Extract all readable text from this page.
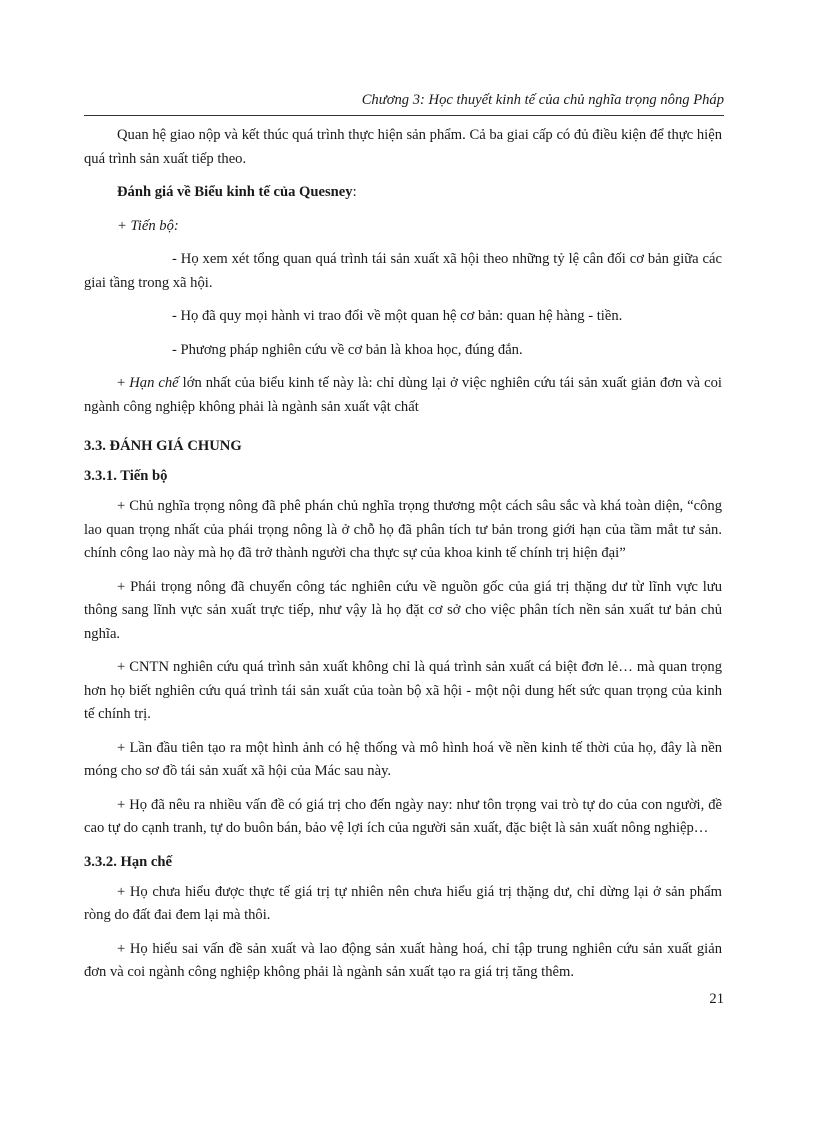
Chương 3: Học thuyết kinh tế của chủ nghĩa trọng nông Pháp

Quan hệ giao nộp và kết thúc quá trình thực hiện sản phẩm. Cả ba giai cấp có đủ điều kiện để thực hiện quá trình sản xuất tiếp theo.

Đánh giá về Biểu kinh tế của Quesney:

+ Tiến bộ:

- Họ xem xét tổng quan quá trình tái sản xuất xã hội theo những tỷ lệ cân đối cơ bản giữa các giai tầng trong xã hội.

- Họ đã quy mọi hành vi trao đổi về một quan hệ cơ bản: quan hệ hàng - tiền.

- Phương pháp nghiên cứu về cơ bản là khoa học, đúng đắn.

+ Hạn chế lớn nhất của biểu kinh tế này là: chỉ dùng lại ở việc nghiên cứu tái sản xuất giản đơn và coi ngành công nghiệp không phải là ngành sản xuất vật chất

3.3. ĐÁNH GIÁ CHUNG
3.3.1. Tiến bộ

+ Chủ nghĩa trọng nông đã phê phán chủ nghĩa trọng thương một cách sâu sắc và khá toàn diện, “công lao quan trọng nhất của phái trọng nông là ở chỗ họ đã phân tích tư bản trong giới hạn của tầm mắt tư sản. chính công lao này mà họ đã trở thành người cha thực sự của khoa kinh tế chính trị hiện đại”

+ Phái trọng nông đã chuyển công tác nghiên cứu về nguồn gốc của giá trị thặng dư từ lĩnh vực lưu thông sang lĩnh vực sản xuất trực tiếp, như vậy là họ đặt cơ sở cho việc phân tích nền sản xuất tư bản chủ nghĩa.

+ CNTN nghiên cứu quá trình sản xuất không chỉ là quá trình sản xuất cá biệt đơn lẻ… mà quan trọng hơn họ biết nghiên cứu quá trình tái sản xuất của toàn bộ xã hội - một nội dung hết sức quan trọng của kinh tế chính trị.

+ Lần đầu tiên tạo ra một hình ảnh có hệ thống và mô hình hoá về nền kinh tế thời của họ, đây là nền móng cho sơ đồ tái sản xuất xã hội của Mác sau này.

+ Họ đã nêu ra nhiều vấn đề có giá trị cho đến ngày nay: như tôn trọng vai trò tự do của con người, đề cao tự do cạnh tranh, tự do buôn bán, bảo vệ lợi ích của người sản xuất, đặc biệt là sản xuất nông nghiệp…

3.3.2. Hạn chế

+ Họ chưa hiểu được thực tế giá trị tự nhiên nên chưa hiểu giá trị thặng dư, chỉ dừng lại ở sản phẩm ròng do đất đai đem lại mà thôi.

+ Họ hiểu sai vấn đề sản xuất và lao động sản xuất hàng hoá, chỉ tập trung nghiên cứu sản xuất giản đơn và coi ngành công nghiệp không phải là ngành sản xuất tạo ra giá trị tăng thêm.

21
